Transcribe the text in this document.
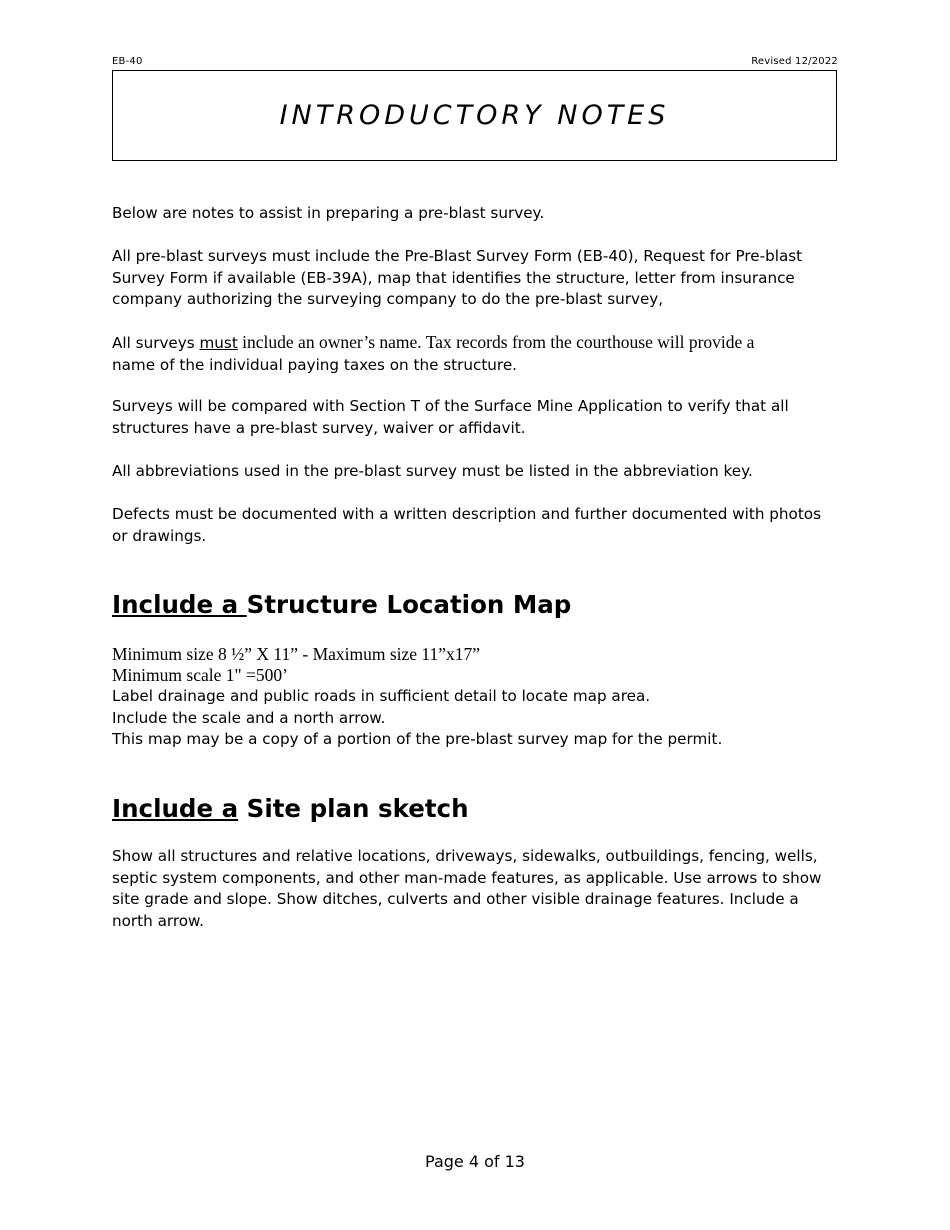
EB-40	Revised 12/2022
INTRODUCTORY NOTES

Below are notes to assist in preparing a pre-blast survey.

All pre-blast surveys must include the Pre-Blast Survey Form (EB-40), Request for Pre-blast Survey Form if available (EB-39A), map that identifies the structure, letter from insurance company authorizing the surveying company to do the pre-blast survey,

All surveys must include an owner’s name. Tax records from the courthouse will provide a
name of the individual paying taxes on the structure.

Surveys will be compared with Section T of the Surface Mine Application to verify that all structures have a pre-blast survey, waiver or affidavit.

All abbreviations used in the pre-blast survey must be listed in the abbreviation key.

Defects must be documented with a written description and further documented with photos or drawings.

Include a Structure Location Map
Minimum size 8 ½” X 11” - Maximum size 11”x17”
Minimum scale 1" =500’
Label drainage and public roads in sufficient detail to locate map area.
Include the scale and a north arrow.
This map may be a copy of a portion of the pre-blast survey map for the permit.
Include a Site plan sketch

Show all structures and relative locations, driveways, sidewalks, outbuildings, fencing, wells, septic system components, and other man-made features, as applicable. Use arrows to show site grade and slope. Show ditches, culverts and other visible drainage features. Include a north arrow.

Page 4 of 13
